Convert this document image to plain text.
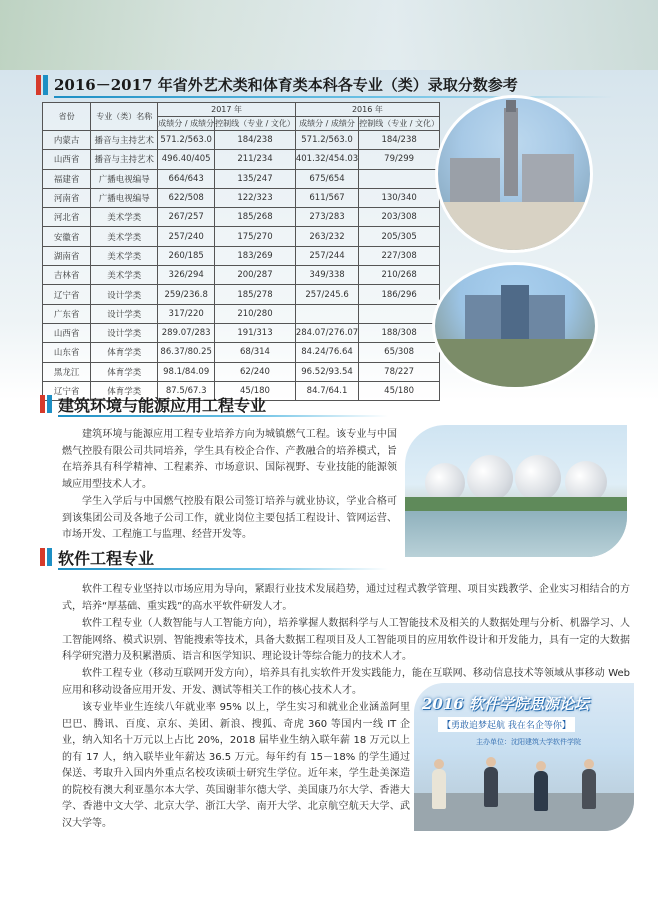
2016－2017 年省外艺术类和体育类本科各专业（类）录取分数参考
省份	专业（类）名称	2017 年		2016 年	
		成绩分 / 成绩分	控制线（专业 / 文化）	成绩分 / 成绩分	控制线（专业 / 文化）
内蒙古	播音与主持艺术	571.2/563.0	184/238	571.2/563.0	184/238
山西省	播音与主持艺术	496.40/405	211/234	401.32/454.03	79/299
福建省	广播电视编导	664/643	135/247	675/654	
河南省	广播电视编导	622/508	122/323	611/567	130/340
河北省	美术学类	267/257	185/268	273/283	203/308
安徽省	美术学类	257/240	175/270	263/232	205/305
湖南省	美术学类	260/185	183/269	257/244	227/308
吉林省	美术学类	326/294	200/287	349/338	210/268
辽宁省	设计学类	259/236.8	185/278	257/245.6	186/296
广东省	设计学类	317/220	210/280		
山西省	设计学类	289.07/283	191/313	284.07/276.07	188/308
山东省	体育学类	86.37/80.25	68/314	84.24/76.64	65/308
黑龙江	体育学类	98.1/84.09	62/240	96.52/93.54	78/227
辽宁省	体育学类	87.5/67.3	45/180	84.7/64.1	45/180
建筑环境与能源应用工程专业
建筑环境与能源应用工程专业培养方向为城镇燃气工程。该专业与中国燃气控股有限公司共同培养，学生具有校企合作、产教融合的培养模式，旨在培养具有科学精神、工程素养、市场意识、国际视野、专业技能的能源领域应用型技术人才。
学生入学后与中国燃气控股有限公司签订培养与就业协议，学业合格可到该集团公司及各地子公司工作，就业岗位主要包括工程设计、管网运营、市场开发、工程施工与监理、经营开发等。
软件工程专业
软件工程专业坚持以市场应用为导向，紧跟行业技术发展趋势，通过过程式教学管理、项目实践教学、企业实习相结合的方式，培养“厚基础、重实践”的高水平软件研发人才。
软件工程专业（人数智能与人工智能方向），培养掌握人数据科学与人工智能技术及相关的人数据处理与分析、机器学习、人工智能网络、模式识别、智能搜索等技术，具备大数据工程项目及人工智能项目的应用软件设计和开发能力，具有一定的大数据科学研究潜力及积累潜质、语言和医学知识、理论设计等综合能力的技术人才。
软件工程专业（移动互联网开发方向），培养具有扎实软件开发实践能力，能在互联网、移动信息技术等领域从事移动 Web 应用和移动设备应用开发、开发、测试等相关工作的核心技术人才。
该专业毕业生连续八年就业率 95% 以上，学生实习和就业企业涵盖阿里巴巴、腾讯、百度、京东、美团、新浪、搜狐、奇虎 360 等国内一线 IT 企业，纳入知名十万元以上占比 20%，2018 届毕业生纳入联年薪 18 万元以上的有 17 人，纳入联毕业年薪达 36.5 万元。每年约有 15－18% 的学生通过保送、考取升入国内外重点名校攻读硕士研究生学位。近年来，学生赴美深造的院校有澳大利亚墨尔本大学、英国谢菲尔德大学、美国康乃尔大学、香港大学、香港中文大学、北京大学、浙江大学、南开大学、北京航空航天大学、武汉大学等。
2016 软件学院思源论坛
【勇敢追梦起航 我在名企等你】
主办单位：沈阳建筑大学软件学院
